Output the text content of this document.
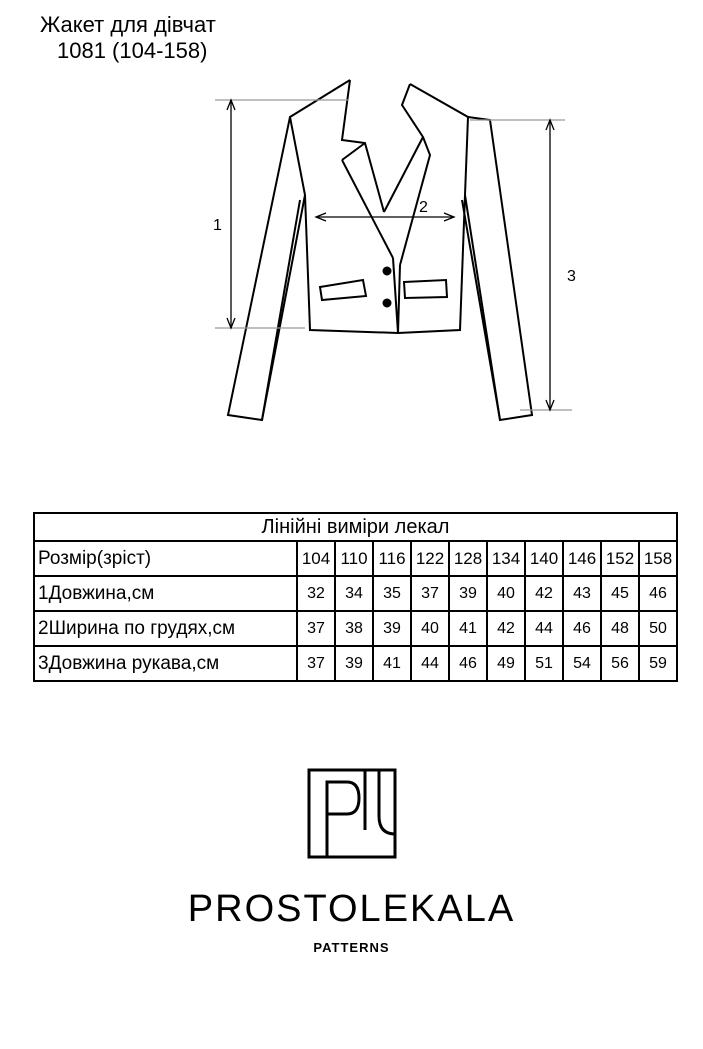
Жакет для дівчат
1081 (104-158)
1
2
3
Лінійні виміри лекал										
Розмір(зріст)	104	110	116	122	128	134	140	146	152	158
1Довжина,см	32	34	35	37	39	40	42	43	45	46
2Ширина по грудях,см	37	38	39	40	41	42	44	46	48	50
3Довжина рукава,см	37	39	41	44	46	49	51	54	56	59
PROSTOLEKALA
PATTERNS
